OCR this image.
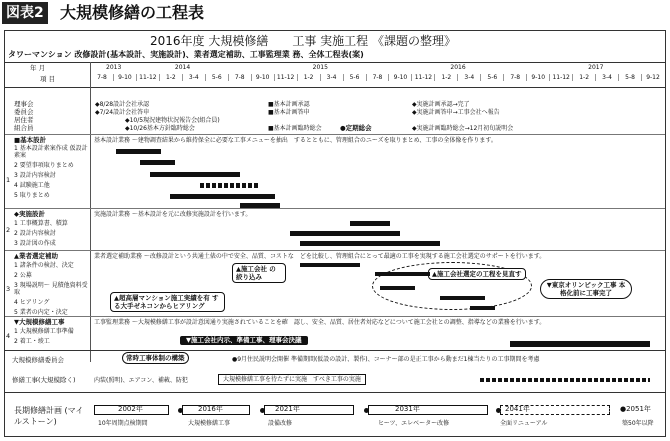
図表2 大規模修繕の工程表
2016年度 大規模修繕　　工事 実施工程 《課題の整理》
タワーマンション 改修設計(基本設計、実施設計)、業者選定補助、工事監理業 務、全体工程表(案)
年 月
項 目
2013	2014	2015	2016	2017
7-8	9-10	11-12	1-2	3-4	5-6	7-8	9-10	11-12	1-2	3-4	5-6	7-8	9-10	11-12	1-2	3-4	5-6	7-8	9-10	11-12	1-2	3-4	5-8	9-12
理事会
委員会
居住者
組合員
◆8/28設計会社承認
◆7/24設計会社答申
◆10/5現況建物状況報告会(組合員)
◆10/26基本方針臨時総会
■基本計画承認
■基本計画答申
■基本計画臨時総会	●定期総会
◆実施計画承認→完了
◆実施計画答申→工事会社へ報告
◆実施計画臨時総会→12月初旬説明会
■基本設計	基本設計業務 〜建物調査結果から維持保全に必要な工事メニューを抽出　するとともに、管理組合のニーズを取りまとめ、工事の全体像を作ります。
1
1 基本設計素案作成 仮設計素案
2 要望事項取りまとめ
3 設計内容検討
4 試験施工他
5 取りまとめ
◆実施設計	実施設計業務 〜基本設計を元に改修実施設計を行います。
2
1 工事概算書、積算
2 設計内容検討
3 設計図の作成
▲業者選定補助	業者選定補助業務 〜改修設計という共通土俵の中で安全、品質、コストな　どを比較し、管理組合にとって最適の工事を実現する施工会社選定のサポートを行います。
3
1 諸条件の検討、決定
2 公募
3 現場説明〜 見積他資料受取
4 ヒアリング
5 業者の内定・決定
▲施工会社 の絞り込み	▲施工会社選定の工程を見直す
▲超高層マンション施工実績を有 する大手ゼネコンからヒアリング
▼東京オリンピック工事 本格化前に工事完了
▼大規模修繕工事	工事監理業務 〜大規模修繕工事が設計意図通り実施されていることを確　認し、安全、品質、居住者対応などについて施工会社との調整、指導などの業務を行います。
4
1 大規模修繕工事準備
2 着工・竣工	▼施工会社内示、準備工事、理事会決議
大規模修繕委員会	常時工事体制の構築	●9月住民説明会開催 準備期間(仮設の設計、製作)、コーナー部の是正工事から動まだ1棟当たりの工事期間を考慮
修繕工事(大規模除く)	内装(照明)、エアコン、補載、防犯	大規模修繕工事を待たずに実施　すべき工事の実施
長期修繕計画 (マイルストーン)
2002年	2016年	2021年	2031年	2041年	●2051年
10年周期点検期間	大規模修繕工事	設備改修	ヒーツ、エレベーター改修	全面リニューアル	築50年以降
